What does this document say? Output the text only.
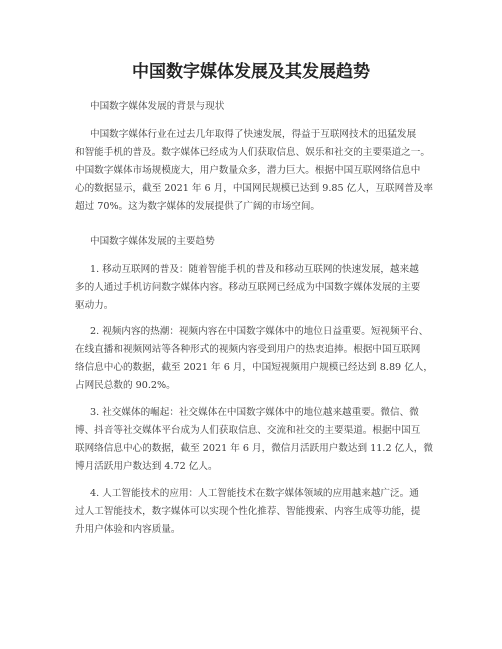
中国数字媒体发展及其发展趋势
中国数字媒体发展的背景与现状
中国数字媒体行业在过去几年取得了快速发展，得益于互联网技术的迅猛发展
和智能手机的普及。数字媒体已经成为人们获取信息、娱乐和社交的主要渠道之一。
中国数字媒体市场规模庞大，用户数量众多，潜力巨大。根据中国互联网络信息中
心的数据显示，截至 2021 年 6 月，中国网民规模已达到 9.85 亿人，互联网普及率
超过 70%。这为数字媒体的发展提供了广阔的市场空间。
中国数字媒体发展的主要趋势
1. 移动互联网的普及：随着智能手机的普及和移动互联网的快速发展，越来越
多的人通过手机访问数字媒体内容。移动互联网已经成为中国数字媒体发展的主要
驱动力。
2. 视频内容的热潮：视频内容在中国数字媒体中的地位日益重要。短视频平台、
在线直播和视频网站等各种形式的视频内容受到用户的热衷追捧。根据中国互联网
络信息中心的数据，截至 2021 年 6 月，中国短视频用户规模已经达到 8.89 亿人，
占网民总数的 90.2%。
3. 社交媒体的崛起：社交媒体在中国数字媒体中的地位越来越重要。微信、微
博、抖音等社交媒体平台成为人们获取信息、交流和社交的主要渠道。根据中国互
联网络信息中心的数据，截至 2021 年 6 月，微信月活跃用户数达到 11.2 亿人，微
博月活跃用户数达到 4.72 亿人。
4. 人工智能技术的应用：人工智能技术在数字媒体领域的应用越来越广泛。通
过人工智能技术，数字媒体可以实现个性化推荐、智能搜索、内容生成等功能，提
升用户体验和内容质量。
